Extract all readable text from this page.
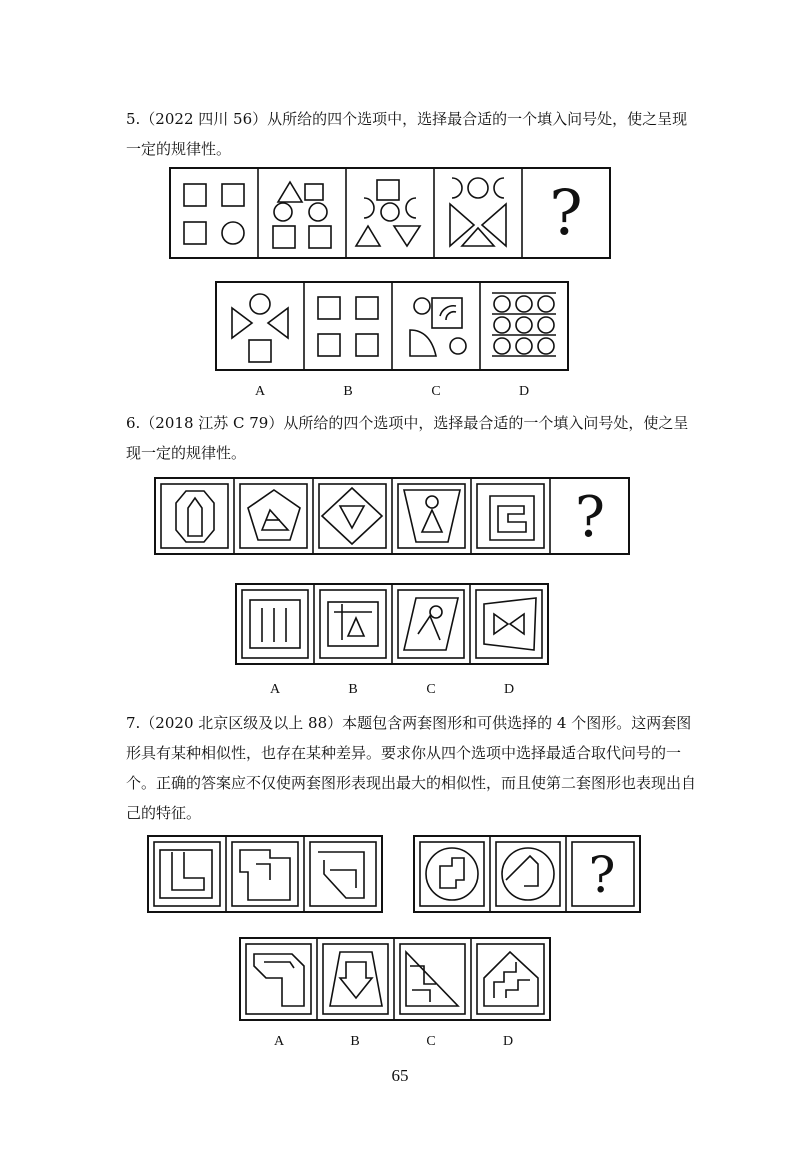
5.（2022 四川 56）从所给的四个选项中，选择最合适的一个填入问号处，使之呈现一定的规律性。

6.（2018 江苏 C 79）从所给的四个选项中，选择最合适的一个填入问号处，使之呈现一定的规律性。

7.（2020 北京区级及以上 88）本题包含两套图形和可供选择的 4 个图形。这两套图形具有某种相似性，也存在某种差异。要求你从四个选项中选择最适合取代问号的一个。正确的答案应不仅使两套图形表现出最大的相似性，而且使第二套图形也表现出自己的特征。

?
?
?
A	B	C	D
A	B	C	D
A	B	C	D
65
